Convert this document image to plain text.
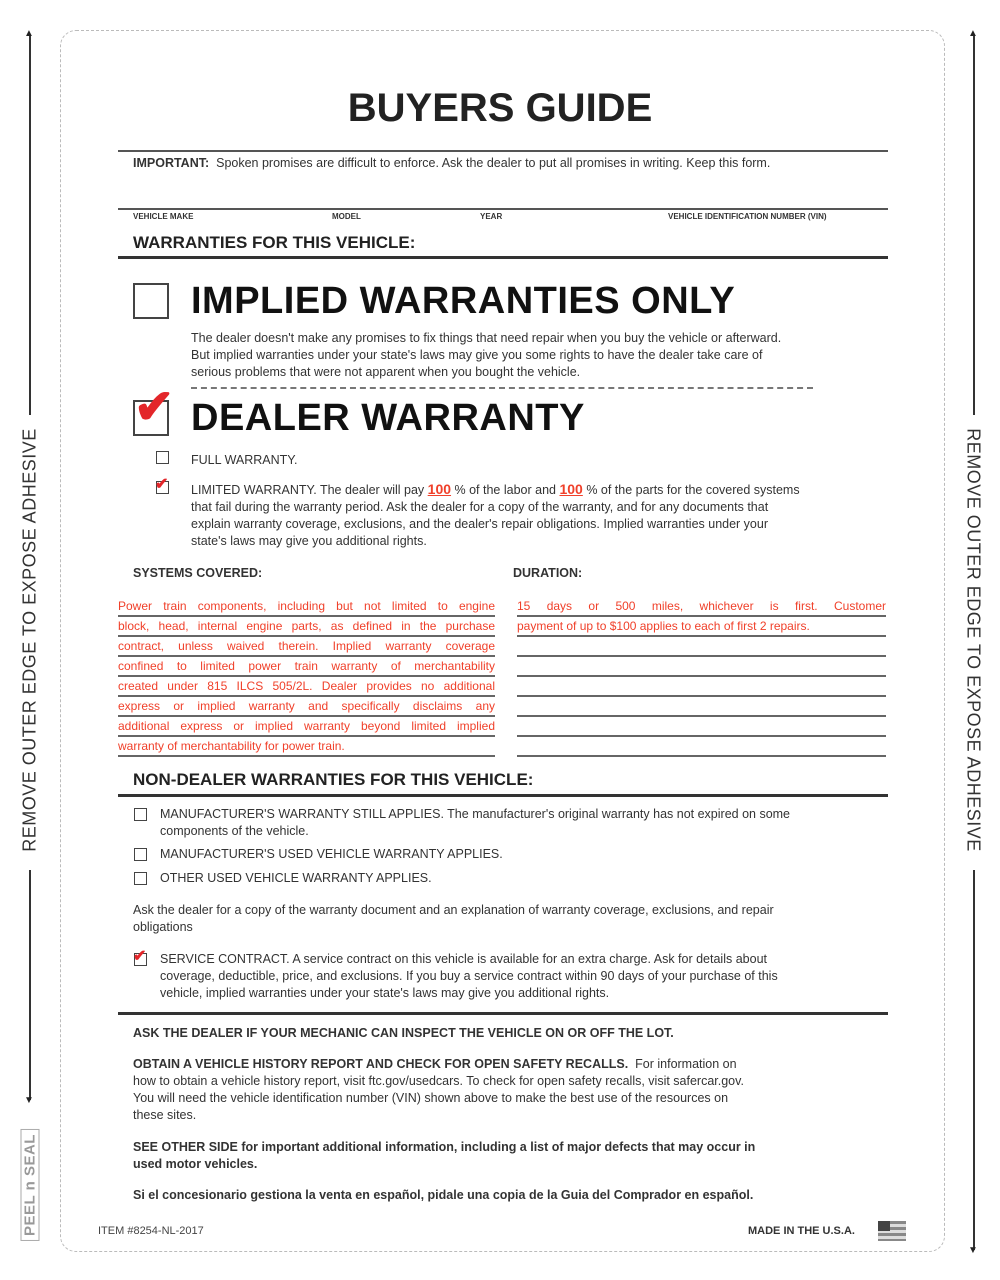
▲
▼
REMOVE OUTER EDGE TO EXPOSE ADHESIVE
PEEL n SEAL
▲
▼
REMOVE OUTER EDGE TO EXPOSE ADHESIVE
BUYERS GUIDE
IMPORTANT: Spoken promises are difficult to enforce. Ask the dealer to put all promises in writing. Keep this form.
VEHICLE MAKE	MODEL	YEAR	VEHICLE IDENTIFICATION NUMBER (VIN)
WARRANTIES FOR THIS VEHICLE:
IMPLIED WARRANTIES ONLY
The dealer doesn't make any promises to fix things that need repair when you buy the vehicle or afterward.
But implied warranties under your state's laws may give you some rights to have the dealer take care of
serious problems that were not apparent when you bought the vehicle.
✔ DEALER WARRANTY
FULL WARRANTY.
✔ LIMITED WARRANTY. The dealer will pay 100 % of the labor and 100 % of the parts for the covered systems
that fail during the warranty period. Ask the dealer for a copy of the warranty, and for any documents that
explain warranty coverage, exclusions, and the dealer's repair obligations. Implied warranties under your
state's laws may give you additional rights.
SYSTEMS COVERED:	DURATION:
Power train components, including but not limited to engine
block, head, internal engine parts, as defined in the purchase
contract, unless waived therein. Implied warranty coverage
confined to limited power train warranty of merchantability
created under 815 ILCS 505/2L. Dealer provides no additional
express or implied warranty and specifically disclaims any
additional express or implied warranty beyond limited implied
warranty of merchantability for power train.
15 days or 500 miles, whichever is first. Customer
payment of up to $100 applies to each of first 2 repairs.
NON-DEALER WARRANTIES FOR THIS VEHICLE:
MANUFACTURER'S WARRANTY STILL APPLIES. The manufacturer's original warranty has not expired on some
components of the vehicle.
MANUFACTURER'S USED VEHICLE WARRANTY APPLIES.
OTHER USED VEHICLE WARRANTY APPLIES.
Ask the dealer for a copy of the warranty document and an explanation of warranty coverage, exclusions, and repair
obligations
✔ SERVICE CONTRACT. A service contract on this vehicle is available for an extra charge. Ask for details about
coverage, deductible, price, and exclusions. If you buy a service contract within 90 days of your purchase of this
vehicle, implied warranties under your state's laws may give you additional rights.
ASK THE DEALER IF YOUR MECHANIC CAN INSPECT THE VEHICLE ON OR OFF THE LOT.
OBTAIN A VEHICLE HISTORY REPORT AND CHECK FOR OPEN SAFETY RECALLS. For information on
how to obtain a vehicle history report, visit ftc.gov/usedcars. To check for open safety recalls, visit safercar.gov.
You will need the vehicle identification number (VIN) shown above to make the best use of the resources on
these sites.
SEE OTHER SIDE for important additional information, including a list of major defects that may occur in
used motor vehicles.
Si el concesionario gestiona la venta en español, pidale una copia de la Guia del Comprador en español.
ITEM #8254-NL-2017	MADE IN THE U.S.A.
